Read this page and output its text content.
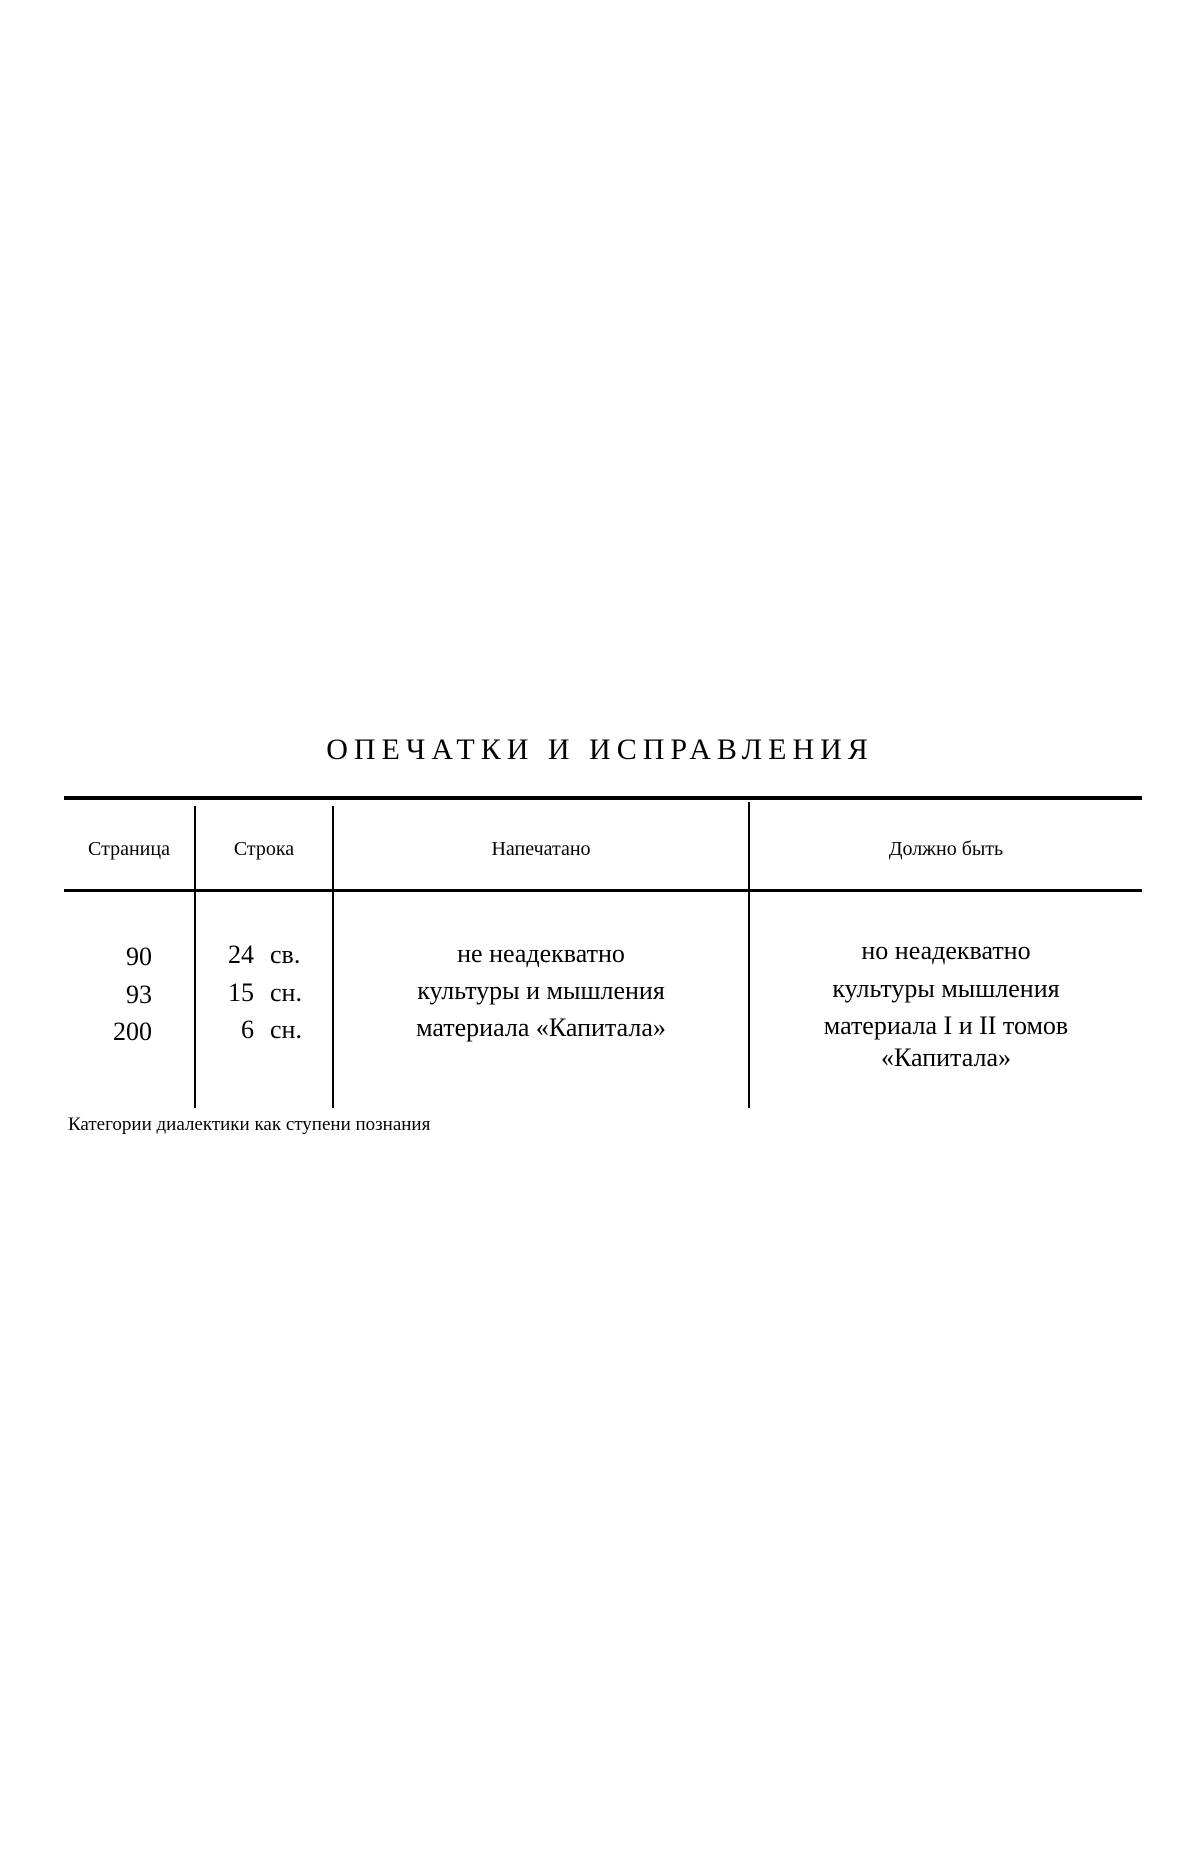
ОПЕЧАТКИ И ИСПРАВЛЕНИЯ
Страница	Строка	Напечатано	Должно быть
90	24 св.	не неадекватно	но неадекватно
93	15 сн.	культуры и мышления	культуры мышления
200	6 сн.	материала «Капитала»	материала I и II томов
«Капитала»
Категории диалектики как ступени познания
